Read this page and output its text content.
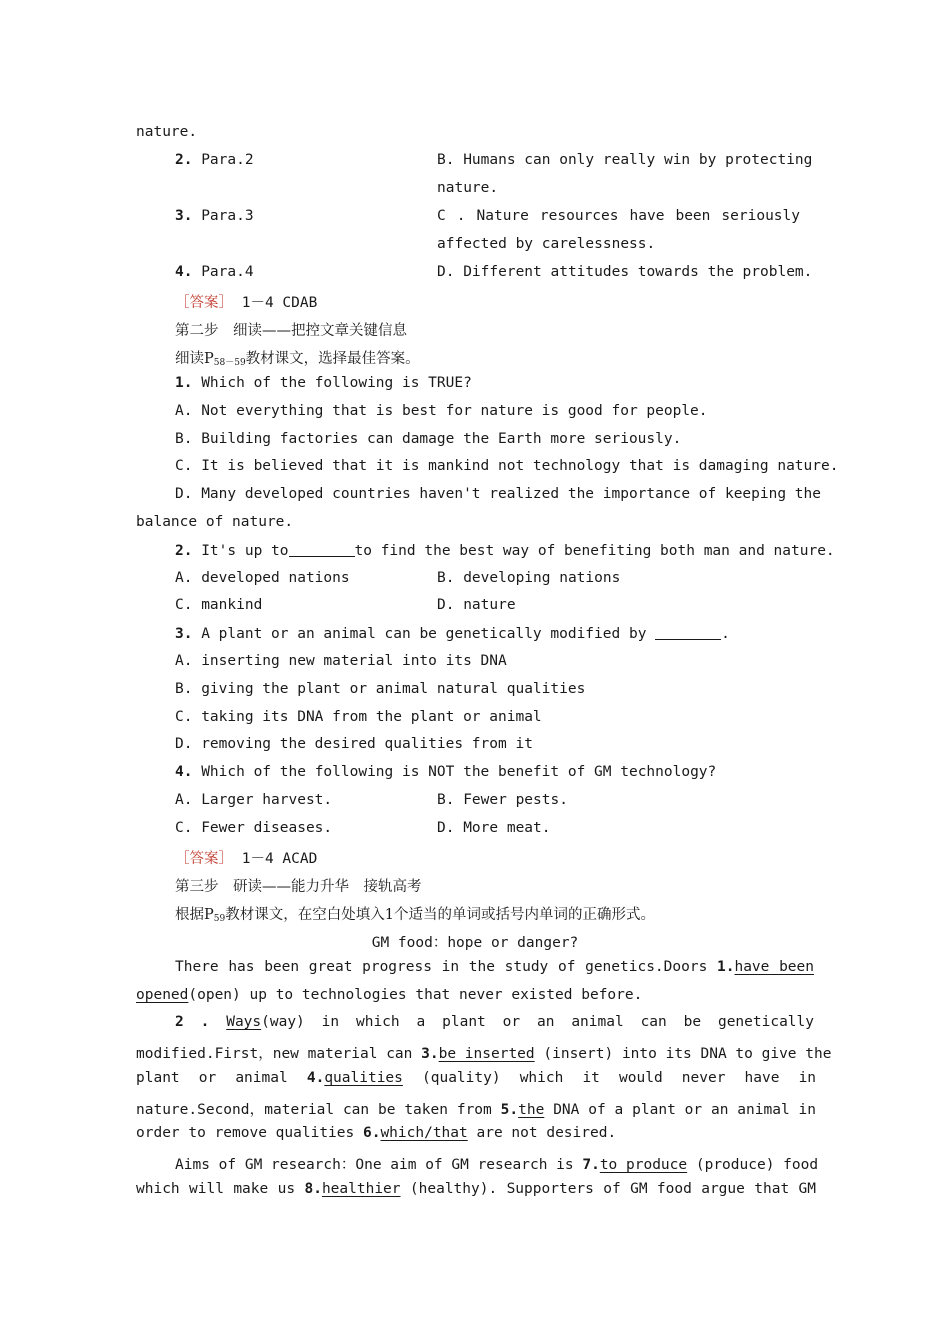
nature.
2. Para.2	B. Humans can only really win by protecting
nature.
3. Para.3	C . Nature resources have been seriously
affected by carelessness.
4. Para.4	D. Different attitudes towards the problem.
［答案］ 1－4 CDAB
第二步　细读——把控文章关键信息
细读$P_{58-59}$教材课文，选择最佳答案。
1. Which of the following is TRUE?
A. Not everything that is best for nature is good for people.
B. Building factories can damage the Earth more seriously.
C. It is believed that it is mankind not technology that is damaging nature.
D. Many developed countries haven't realized the importance of keeping the
balance of nature.
2. It's up to	to find the best way of benefiting both man and nature.
A. developed nations	B. developing nations
C. mankind	D. nature
3. A plant or an animal can be genetically modified by	.
A. inserting new material into its DNA
B. giving the plant or animal natural qualities
C. taking its DNA from the plant or animal
D. removing the desired qualities from it
4. Which of the following is NOT the benefit of GM technology?
A. Larger harvest.	B. Fewer pests.
C. Fewer diseases.	D. More meat.
［答案］ 1－4 ACAD
第三步　研读——能力升华　接轨高考
根据$P_{59}$教材课文，在空白处填入1个适当的单词或括号内单词的正确形式。
GM food：hope or danger?
There has been great progress in the study of genetics.Doors 1.have been
opened(open) up to technologies that never existed before.
2 . Ways(way) in which a plant or an animal can be genetically
modified.First，new material can 3.be inserted (insert) into its DNA to give the
plant or animal 4.qualities (quality) which it would never have in
nature.Second，material can be taken from 5.the DNA of a plant or an animal in
order to remove qualities 6.which/that are not desired.
Aims of GM research：One aim of GM research is 7.to produce (produce) food
which will make us 8.healthier (healthy). Supporters of GM food argue that GM
